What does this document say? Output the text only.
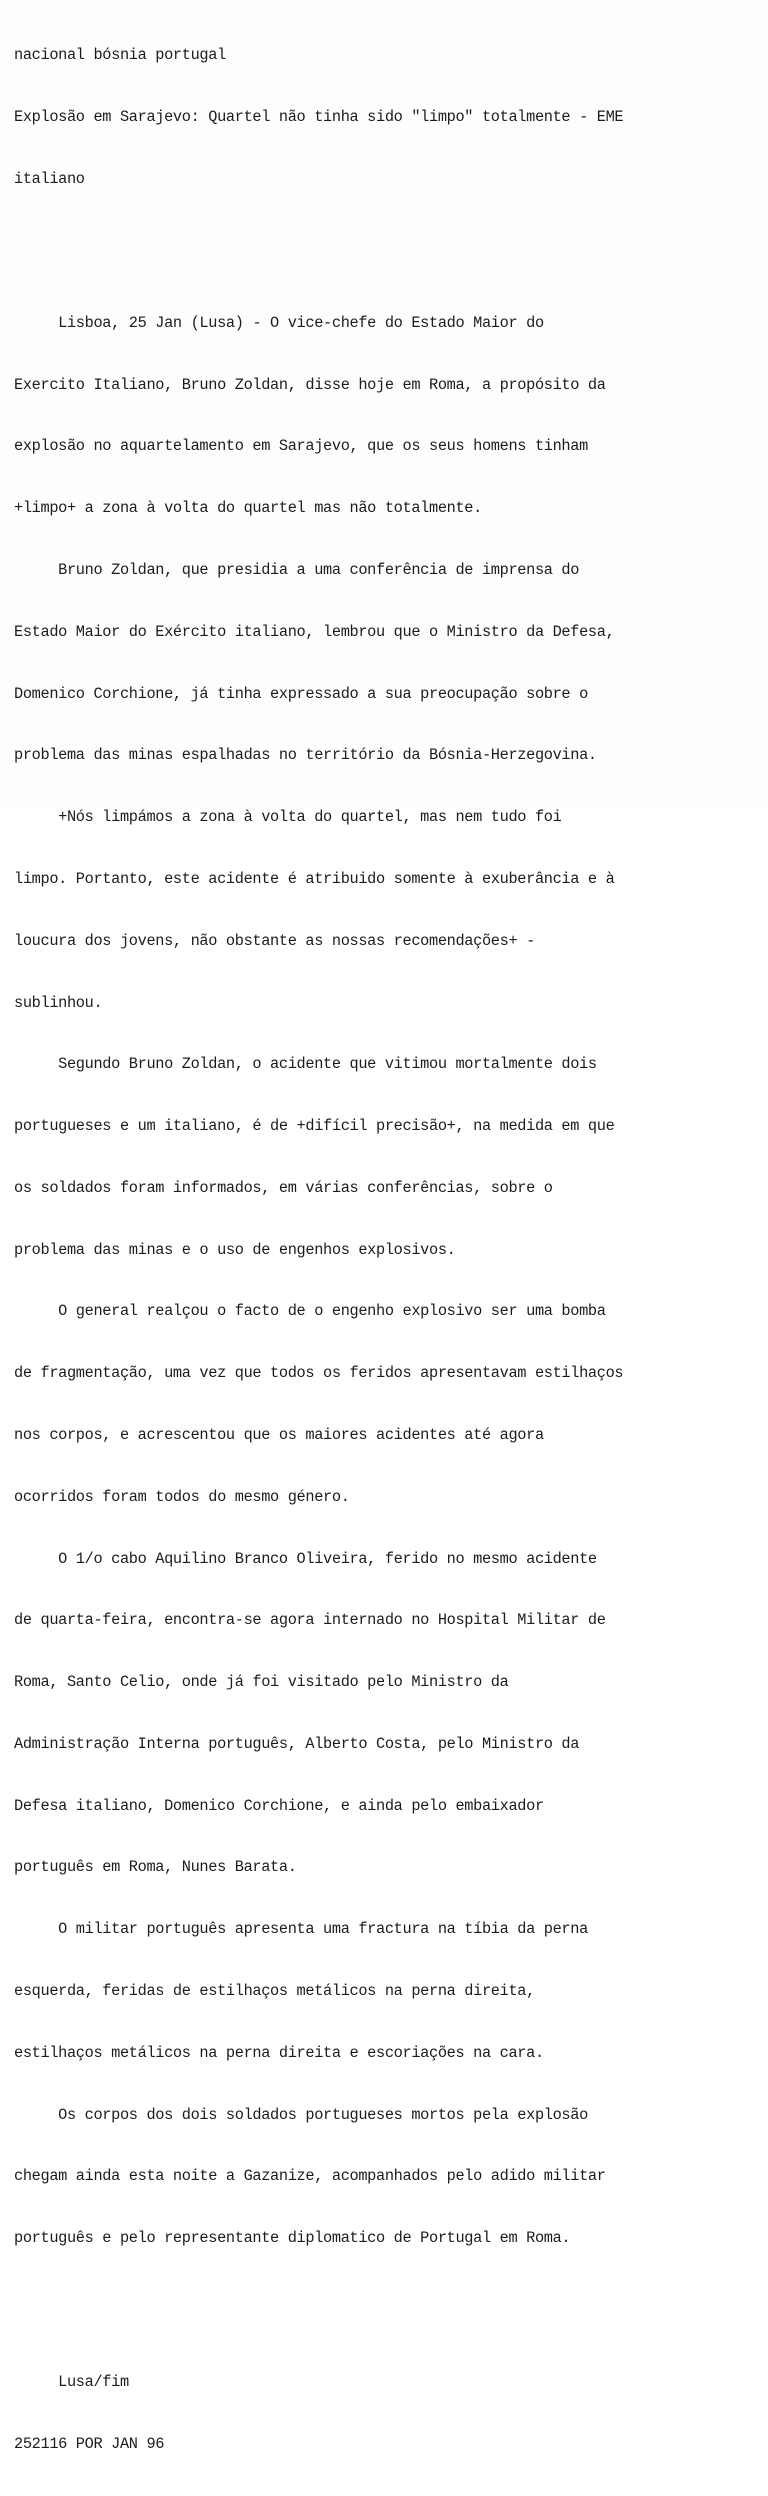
nacional bósnia portugal

Explosão em Sarajevo: Quartel não tinha sido "limpo" totalmente - EME

italiano

Lisboa, 25 Jan (Lusa) - O vice-chefe do Estado Maior do

Exercito Italiano, Bruno Zoldan, disse hoje em Roma, a propósito da

explosão no aquartelamento em Sarajevo, que os seus homens tinham

+limpo+ a zona à volta do quartel mas não totalmente.

Bruno Zoldan, que presidia a uma conferência de imprensa do

Estado Maior do Exército italiano, lembrou que o Ministro da Defesa,

Domenico Corchione, já tinha expressado a sua preocupação sobre o

problema das minas espalhadas no território da Bósnia-Herzegovina.

+Nós limpámos a zona à volta do quartel, mas nem tudo foi

limpo. Portanto, este acidente é atribuido somente à exuberância e à

loucura dos jovens, não obstante as nossas recomendações+ -

sublinhou.

Segundo Bruno Zoldan, o acidente que vitimou mortalmente dois

portugueses e um italiano, é de +difícil precisão+, na medida em que

os soldados foram informados, em várias conferências, sobre o

problema das minas e o uso de engenhos explosivos.

O general realçou o facto de o engenho explosivo ser uma bomba

de fragmentação, uma vez que todos os feridos apresentavam estilhaços

nos corpos, e acrescentou que os maiores acidentes até agora

ocorridos foram todos do mesmo género.

O 1/o cabo Aquilino Branco Oliveira, ferido no mesmo acidente

de quarta-feira, encontra-se agora internado no Hospital Militar de

Roma, Santo Celio, onde já foi visitado pelo Ministro da

Administração Interna português, Alberto Costa, pelo Ministro da

Defesa italiano, Domenico Corchione, e ainda pelo embaixador

português em Roma, Nunes Barata.

O militar português apresenta uma fractura na tíbia da perna

esquerda, feridas de estilhaços metálicos na perna direita,

estilhaços metálicos na perna direita e escoriações na cara.

Os corpos dos dois soldados portugueses mortos pela explosão

chegam ainda esta noite a Gazanize, acompanhados pelo adido militar

português e pelo representante diplomatico de Portugal em Roma.

Lusa/fim

252116 POR JAN 96
